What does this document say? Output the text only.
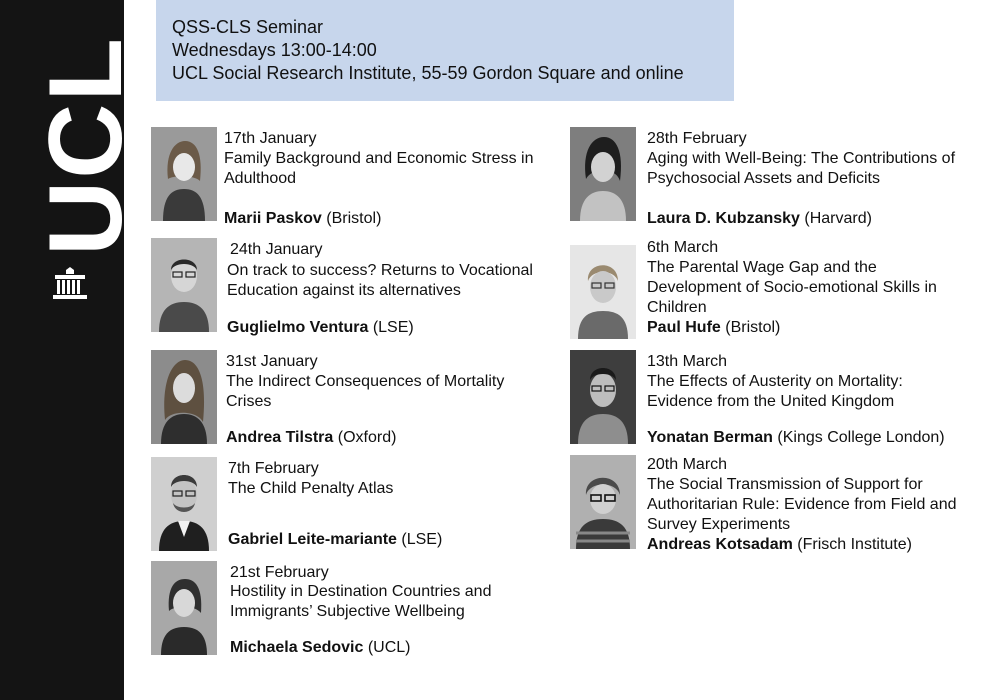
UCL
QSS-CLS Seminar
Wednesdays 13:00-14:00
UCL Social Research Institute, 55-59 Gordon Square and online
17th January
Family Background and Economic Stress in
Adulthood
Marii Paskov (Bristol)
24th January
On track to success? Returns to Vocational
Education against its alternatives
Guglielmo Ventura (LSE)
31st January
The Indirect Consequences of Mortality
Crises
Andrea Tilstra (Oxford)
7th February
The Child Penalty Atlas
Gabriel Leite-mariante (LSE)
21st February
Hostility in Destination Countries and
Immigrants’ Subjective Wellbeing
Michaela Sedovic (UCL)
28th February
Aging with Well-Being: The Contributions of
Psychosocial Assets and Deficits
Laura D. Kubzansky (Harvard)
6th March
The Parental Wage Gap and the
Development of Socio-emotional Skills in
Children
Paul Hufe (Bristol)
13th March
The Effects of Austerity on Mortality:
Evidence from the United Kingdom
Yonatan Berman (Kings College London)
20th March
The Social Transmission of Support for
Authoritarian Rule: Evidence from Field and
Survey Experiments
Andreas Kotsadam (Frisch Institute)
